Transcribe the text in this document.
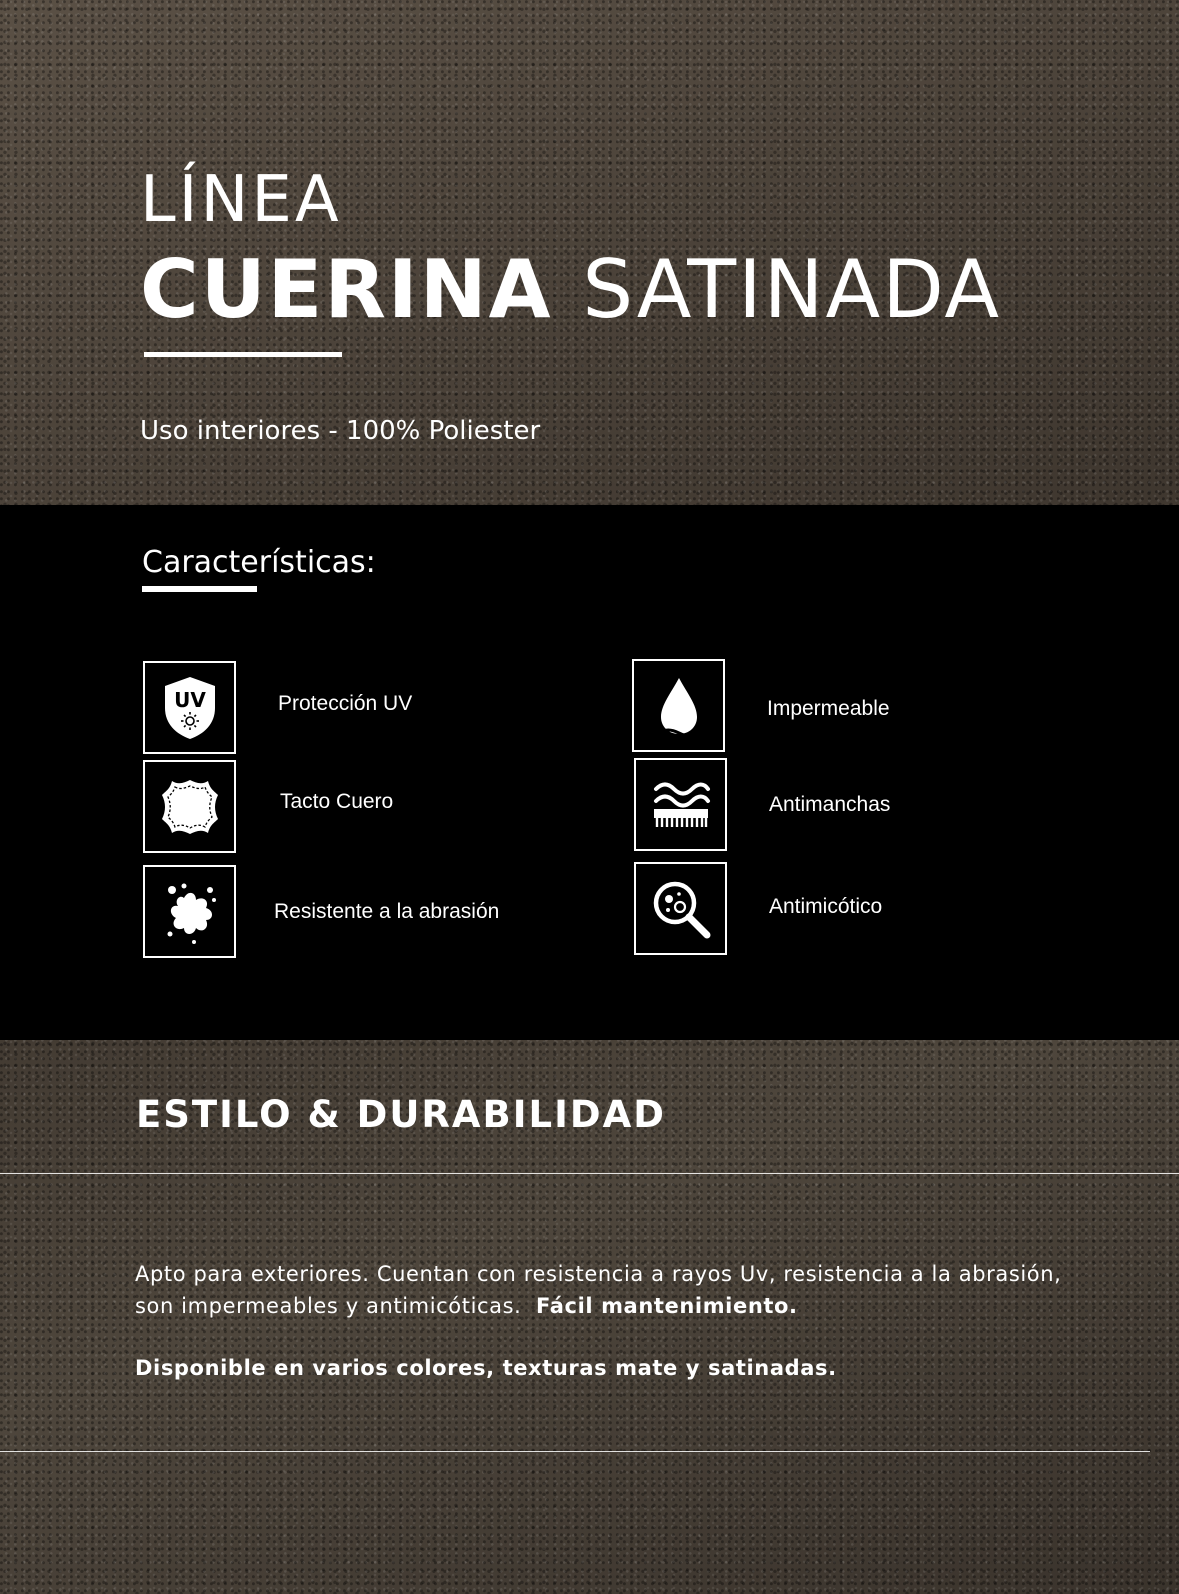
LÍNEA
CUERINA SATINADA

Uso interiores - 100% Poliester

Características:
UV	Protección UV
Tacto Cuero
Resistente a la abrasión
Impermeable
Antimanchas
Antimicótico
ESTILO & DURABILIDAD

Apto para exteriores. Cuentan con resistencia a rayos Uv, resistencia a la abrasión, son impermeables y antimicóticas. Fácil mantenimiento.

Disponible en varios colores, texturas mate y satinadas.
